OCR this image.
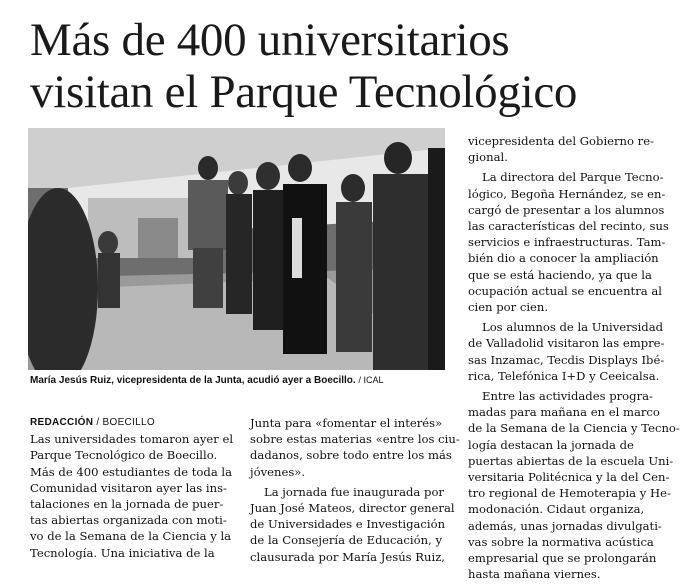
Más de 400 universitarios
visitan el Parque Tecnológico
María Jesús Ruiz, vicepresidenta de la Junta, acudió ayer a Boecillo. / ICAL
REDACCIÓN / BOECILLO

Las universidades tomaron ayer el
Parque Tecnológico de Boecillo.
Más de 400 estudiantes de toda la
Comunidad visitaron ayer las ins-
talaciones en la jornada de puer-
tas abiertas organizada con moti-
vo de la Semana de la Ciencia y la
Tecnología. Una iniciativa de la

Junta para «fomentar el interés»
sobre estas materias «entre los ciu-
dadanos, sobre todo entre los más
jóvenes».

La jornada fue inaugurada por
Juan José Mateos, director general
de Universidades e Investigación
de la Consejería de Educación, y
clausurada por María Jesús Ruiz,

vicepresidenta del Gobierno re-
gional.

La directora del Parque Tecno-
lógico, Begoña Hernández, se en-
cargó de presentar a los alumnos
las características del recinto, sus
servicios e infraestructuras. Tam-
bién dio a conocer la ampliación
que se está haciendo, ya que la
ocupación actual se encuentra al
cien por cien.

Los alumnos de la Universidad
de Valladolid visitaron las empre-
sas Inzamac, Tecdis Displays Ibé-
rica, Telefónica I+D y Ceeicalsa.

Entre las actividades progra-
madas para mañana en el marco
de la Semana de la Ciencia y Tecno-
logía destacan la jornada de
puertas abiertas de la escuela Uni-
versitaria Politécnica y la del Cen-
tro regional de Hemoterapia y He-
modonación. Cidaut organiza,
además, unas jornadas divulgati-
vas sobre la normativa acústica
empresarial que se prolongarán
hasta mañana viernes.
